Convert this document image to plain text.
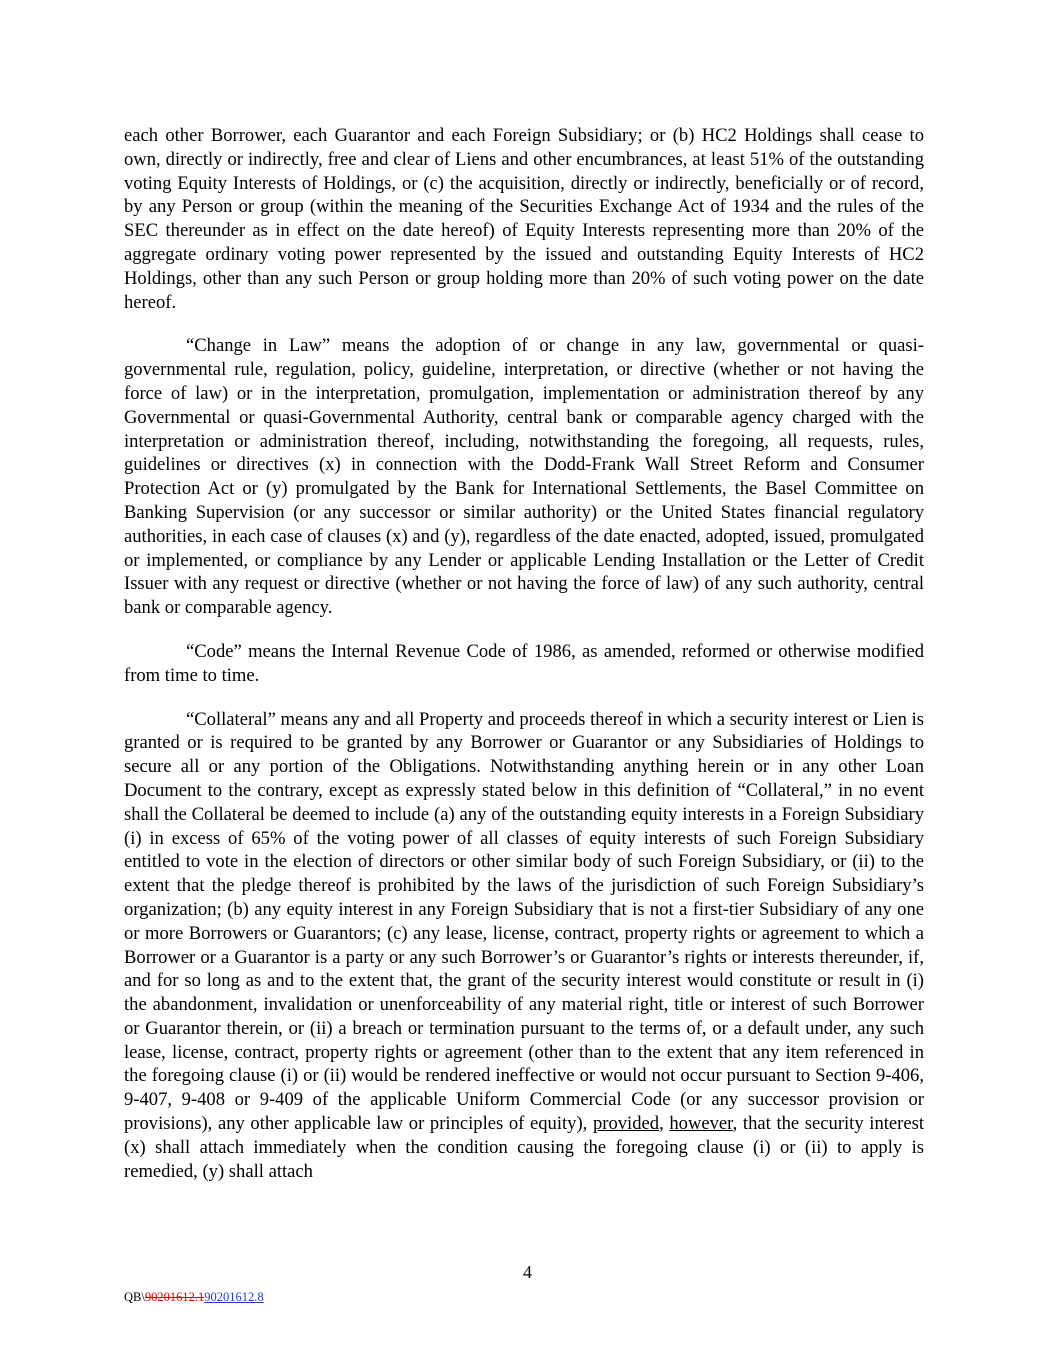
each other Borrower, each Guarantor and each Foreign Subsidiary; or (b) HC2 Holdings shall cease to own, directly or indirectly, free and clear of Liens and other encumbrances, at least 51% of the outstanding voting Equity Interests of Holdings, or (c) the acquisition, directly or indirectly, beneficially or of record, by any Person or group (within the meaning of the Securities Exchange Act of 1934 and the rules of the SEC thereunder as in effect on the date hereof) of Equity Interests representing more than 20% of the aggregate ordinary voting power represented by the issued and outstanding Equity Interests of HC2 Holdings, other than any such Person or group holding more than 20% of such voting power on the date hereof.

“Change in Law” means the adoption of or change in any law, governmental or quasi-governmental rule, regulation, policy, guideline, interpretation, or directive (whether or not having the force of law) or in the interpretation, promulgation, implementation or administration thereof by any Governmental or quasi-Governmental Authority, central bank or comparable agency charged with the interpretation or administration thereof, including, notwithstanding the foregoing, all requests, rules, guidelines or directives (x) in connection with the Dodd-Frank Wall Street Reform and Consumer Protection Act or (y) promulgated by the Bank for International Settlements, the Basel Committee on Banking Supervision (or any successor or similar authority) or the United States financial regulatory authorities, in each case of clauses (x) and (y), regardless of the date enacted, adopted, issued, promulgated or implemented, or compliance by any Lender or applicable Lending Installation or the Letter of Credit Issuer with any request or directive (whether or not having the force of law) of any such authority, central bank or comparable agency.

“Code” means the Internal Revenue Code of 1986, as amended, reformed or otherwise modified from time to time.

“Collateral” means any and all Property and proceeds thereof in which a security interest or Lien is granted or is required to be granted by any Borrower or Guarantor or any Subsidiaries of Holdings to secure all or any portion of the Obligations. Notwithstanding anything herein or in any other Loan Document to the contrary, except as expressly stated below in this definition of “Collateral,” in no event shall the Collateral be deemed to include (a) any of the outstanding equity interests in a Foreign Subsidiary (i) in excess of 65% of the voting power of all classes of equity interests of such Foreign Subsidiary entitled to vote in the election of directors or other similar body of such Foreign Subsidiary, or (ii) to the extent that the pledge thereof is prohibited by the laws of the jurisdiction of such Foreign Subsidiary’s organization; (b) any equity interest in any Foreign Subsidiary that is not a first-tier Subsidiary of any one or more Borrowers or Guarantors; (c) any lease, license, contract, property rights or agreement to which a Borrower or a Guarantor is a party or any such Borrower’s or Guarantor’s rights or interests thereunder, if, and for so long as and to the extent that, the grant of the security interest would constitute or result in (i) the abandonment, invalidation or unenforceability of any material right, title or interest of such Borrower or Guarantor therein, or (ii) a breach or termination pursuant to the terms of, or a default under, any such lease, license, contract, property rights or agreement (other than to the extent that any item referenced in the foregoing clause (i) or (ii) would be rendered ineffective or would not occur pursuant to Section 9-406, 9-407, 9-408 or 9-409 of the applicable Uniform Commercial Code (or any successor provision or provisions), any other applicable law or principles of equity), provided, however, that the security interest (x) shall attach immediately when the condition causing the foregoing clause (i) or (ii) to apply is remedied, (y) shall attach

4
QB\90201612.190201612.8
